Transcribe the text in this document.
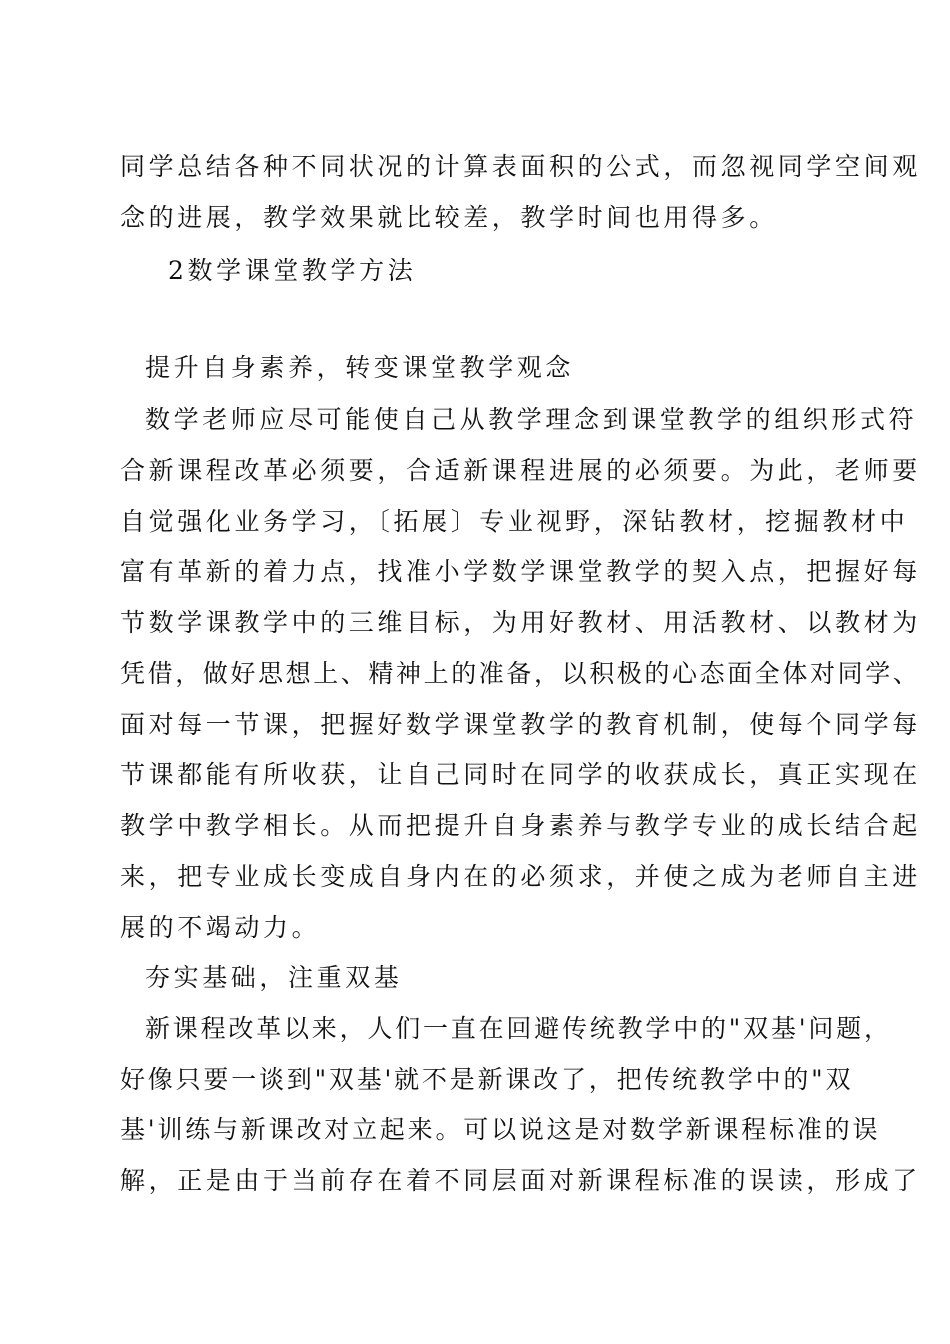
同学总结各种不同状况的计算表面积的公式，而忽视同学空间观
念的进展，教学效果就比较差，教学时间也用得多。
2数学课堂教学方法
提升自身素养，转变课堂教学观念
数学老师应尽可能使自己从教学理念到课堂教学的组织形式符
合新课程改革必须要，合适新课程进展的必须要。为此，老师要
自觉强化业务学习，〔拓展〕专业视野，深钻教材，挖掘教材中
富有革新的着力点，找准小学数学课堂教学的契入点，把握好每
节数学课教学中的三维目标，为用好教材、用活教材、以教材为
凭借，做好思想上、精神上的准备，以积极的心态面全体对同学、
面对每一节课，把握好数学课堂教学的教育机制，使每个同学每
节课都能有所收获，让自己同时在同学的收获成长，真正实现在
教学中教学相长。从而把提升自身素养与教学专业的成长结合起
来，把专业成长变成自身内在的必须求，并使之成为老师自主进
展的不竭动力。
夯实基础，注重双基
新课程改革以来，人们一直在回避传统教学中的"双基'问题，
好像只要一谈到"双基'就不是新课改了，把传统教学中的"双
基'训练与新课改对立起来。可以说这是对数学新课程标准的误
解，正是由于当前存在着不同层面对新课程标准的误读，形成了
